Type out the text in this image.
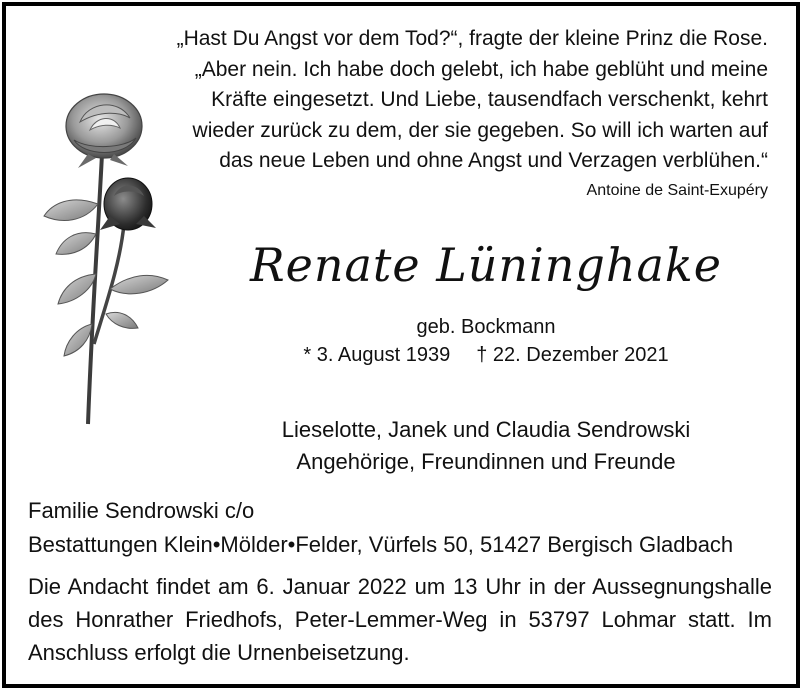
„Hast Du Angst vor dem Tod?“, fragte der kleine Prinz die Rose.
„Aber nein. Ich habe doch gelebt, ich habe geblüht und meine
Kräfte eingesetzt. Und Liebe, tausendfach verschenkt, kehrt
wieder zurück zu dem, der sie gegeben. So will ich warten auf
das neue Leben und ohne Angst und Verzagen verblühen.“
Antoine de Saint-Exupéry
Renate Lüninghake
geb. Bockmann
* 3. August 1939 † 22. Dezember 2021
Lieselotte, Janek und Claudia Sendrowski
Angehörige, Freundinnen und Freunde
Familie Sendrowski c/o
Bestattungen Klein•Mölder•Felder, Vürfels 50, 51427 Bergisch Gladbach
Die Andacht findet am 6. Januar 2022 um 13 Uhr in der Aussegnungshalle des Honrather Friedhofs, Peter-Lemmer-Weg in 53797 Lohmar statt. Im Anschluss erfolgt die Urnenbeisetzung.
